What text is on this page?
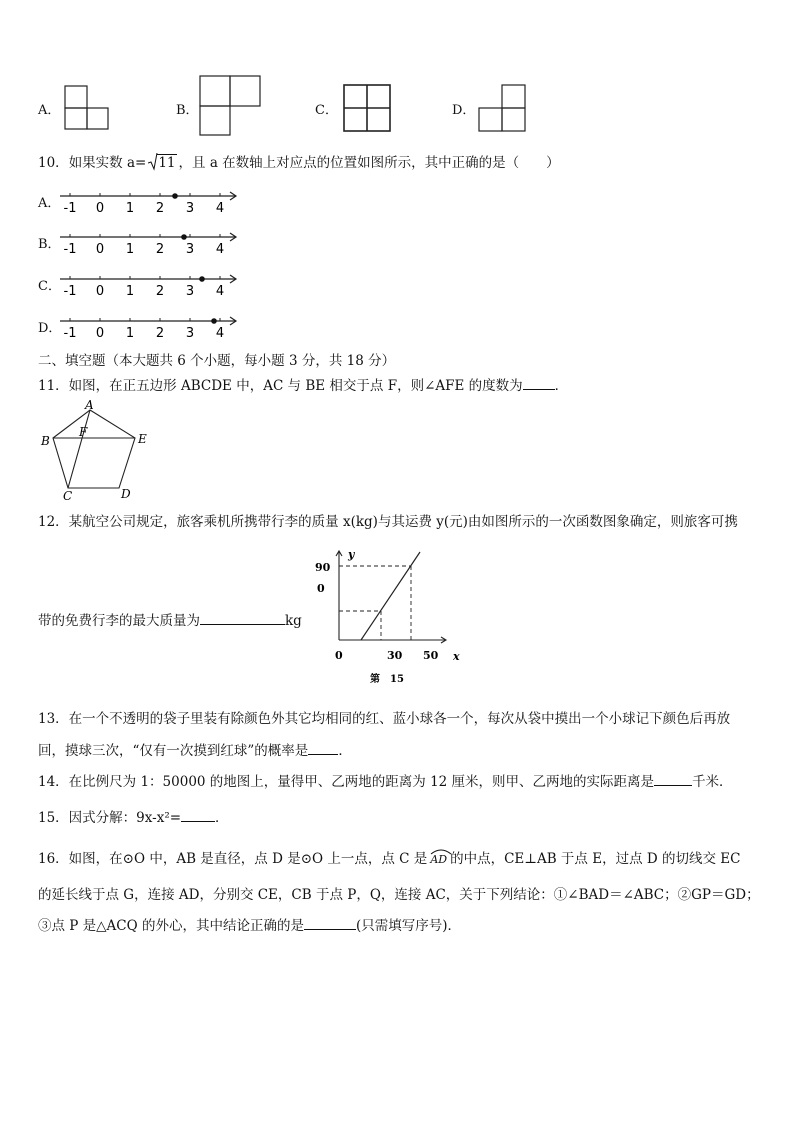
A．	B．	C．	D．
10．如果实数 a= 11 ，且 a 在数轴上对应点的位置如图所示，其中正确的是（　　）
A． -1 0 1 2 3 4
B． -1 0 1 2 3 4
C． -1 0 1 2 3 4
D． -1 0 1 2 3 4
二、填空题（本大题共 6 个小题，每小题 3 分，共 18 分）
11．如图，在正五边形 ABCDE 中，AC 与 BE 相交于点 F，则∠AFE 的度数为 ．
A
B
C	D
E
F
12．某航空公司规定，旅客乘机所携带行李的质量 x(kg)与其运费 y(元)由如图所示的一次函数图象确定，则旅客可携
带的免费行李的最大质量为	kg
y
90
0
0	30 50 x
第　15
13．在一个不透明的袋子里装有除颜色外其它均相同的红、蓝小球各一个，每次从袋中摸出一个小球记下颜色后再放
回，摸球三次，“仅有一次摸到红球”的概率是 ．
14．在比例尺为 1：50000 的地图上，量得甲、乙两地的距离为 12 厘米，则甲、乙两地的实际距离是	千米．
15．因式分解：9x-x²=	．
16．如图，在⊙O 中，AB 是直径，点 D 是⊙O 上一点，点 C 是 AD 的中点，CE⊥AB 于点 E，过点 D 的切线交 EC
的延长线于点 G，连接 AD，分别交 CE，CB 于点 P，Q，连接 AC，关于下列结论：①∠BAD＝∠ABC；②GP＝GD；
③点 P 是△ACQ 的外心，其中结论正确的是	(只需填写序号)．
